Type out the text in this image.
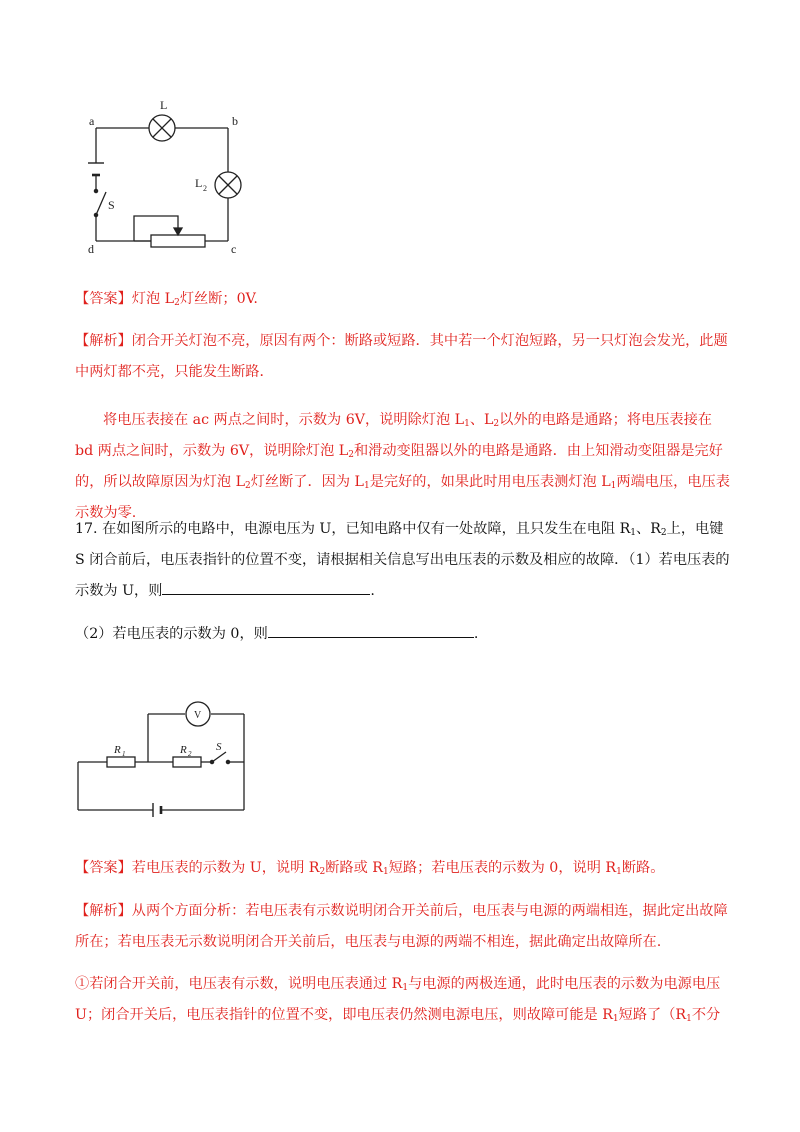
a	b
c
d
L
L 2
S

【答案】灯泡 $L_2$灯丝断；0V.

【解析】闭合开关灯泡不亮，原因有两个：断路或短路．其中若一个灯泡短路，另一只灯泡会发光，此题中两灯都不亮，只能发生断路．

将电压表接在 ac 两点之间时，示数为 6V，说明除灯泡 $L_1$、$L_2$以外的电路是通路；将电压表接在 bd 两点之间时，示数为 6V，说明除灯泡 $L_2$和滑动变阻器以外的电路是通路．由上知滑动变阻器是完好的，所以故障原因为灯泡 $L_2$灯丝断了．因为 $L_1$是完好的，如果此时用电压表测灯泡 $L_1$两端电压，电压表示数为零.

17. 在如图所示的电路中，电源电压为 U，已知电路中仅有一处故障，且只发生在电阻 $R_1$、$R_2$上，电键 S 闭合前后，电压表指针的位置不变，请根据相关信息写出电压表的示数及相应的故障．（1）若电压表的示数为 U，则	.

（2）若电压表的示数为 0，则	.

V
R 1	R 2
S

【答案】若电压表的示数为 U，说明 $R_2$断路或 $R_1$短路；若电压表的示数为 0，说明 $R_1$断路。

【解析】从两个方面分析：若电压表有示数说明闭合开关前后，电压表与电源的两端相连，据此定出故障所在；若电压表无示数说明闭合开关前后，电压表与电源的两端不相连，据此确定出故障所在.

①若闭合开关前，电压表有示数，说明电压表通过 $R_1$与电源的两极连通，此时电压表的示数为电源电压 U；闭合开关后，电压表指针的位置不变，即电压表仍然测电源电压，则故障可能是 $R_1$短路了（$R_1$不分
